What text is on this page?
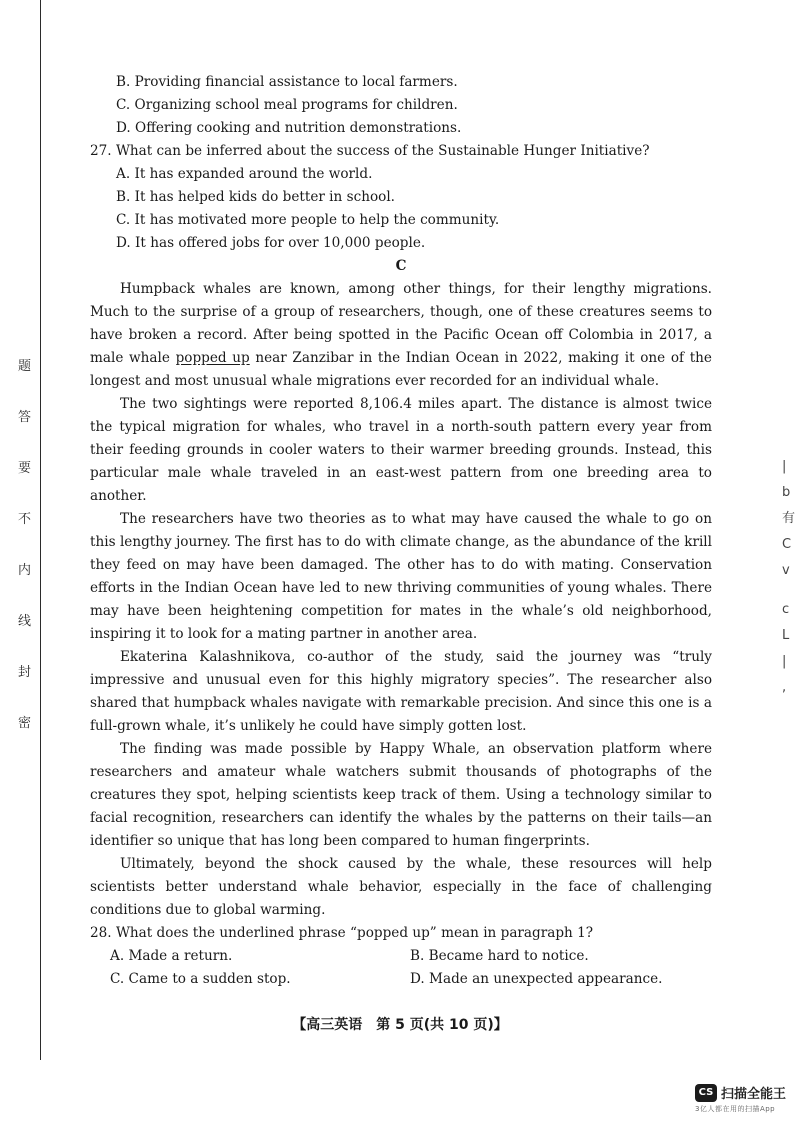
题
答
要
不
内
线
封
密
|
b
有
C
v
c
L
|
,
B. Providing financial assistance to local farmers.
C. Organizing school meal programs for children.
D. Offering cooking and nutrition demonstrations.
27. What can be inferred about the success of the Sustainable Hunger Initiative?
A. It has expanded around the world.
B. It has helped kids do better in school.
C. It has motivated more people to help the community.
D. It has offered jobs for over 10,000 people.
C
Humpback whales are known, among other things, for their lengthy migrations. Much to the surprise of a group of researchers, though, one of these creatures seems to have broken a record. After being spotted in the Pacific Ocean off Colombia in 2017, a male whale popped up near Zanzibar in the Indian Ocean in 2022, making it one of the longest and most unusual whale migrations ever recorded for an individual whale.
The two sightings were reported 8,106.4 miles apart. The distance is almost twice the typical migration for whales, who travel in a north-south pattern every year from their feeding grounds in cooler waters to their warmer breeding grounds. Instead, this particular male whale traveled in an east-west pattern from one breeding area to another.
The researchers have two theories as to what may have caused the whale to go on this lengthy journey. The first has to do with climate change, as the abundance of the krill they feed on may have been damaged. The other has to do with mating. Conservation efforts in the Indian Ocean have led to new thriving communities of young whales. There may have been heightening competition for mates in the whale’s old neighborhood, inspiring it to look for a mating partner in another area.
Ekaterina Kalashnikova, co-author of the study, said the journey was “truly impressive and unusual even for this highly migratory species”. The researcher also shared that humpback whales navigate with remarkable precision. And since this one is a full-grown whale, it’s unlikely he could have simply gotten lost.
The finding was made possible by Happy Whale, an observation platform where researchers and amateur whale watchers submit thousands of photographs of the creatures they spot, helping scientists keep track of them. Using a technology similar to facial recognition, researchers can identify the whales by the patterns on their tails—an identifier so unique that has long been compared to human fingerprints.
Ultimately, beyond the shock caused by the whale, these resources will help scientists better understand whale behavior, especially in the face of challenging conditions due to global warming.
28. What does the underlined phrase “popped up” mean in paragraph 1?
A. Made a return.	B. Became hard to notice.
C. Came to a sudden stop.	D. Made an unexpected appearance.
【高三英语　第 5 页(共 10 页)】
CS 扫描全能王
3亿人都在用的扫描App
